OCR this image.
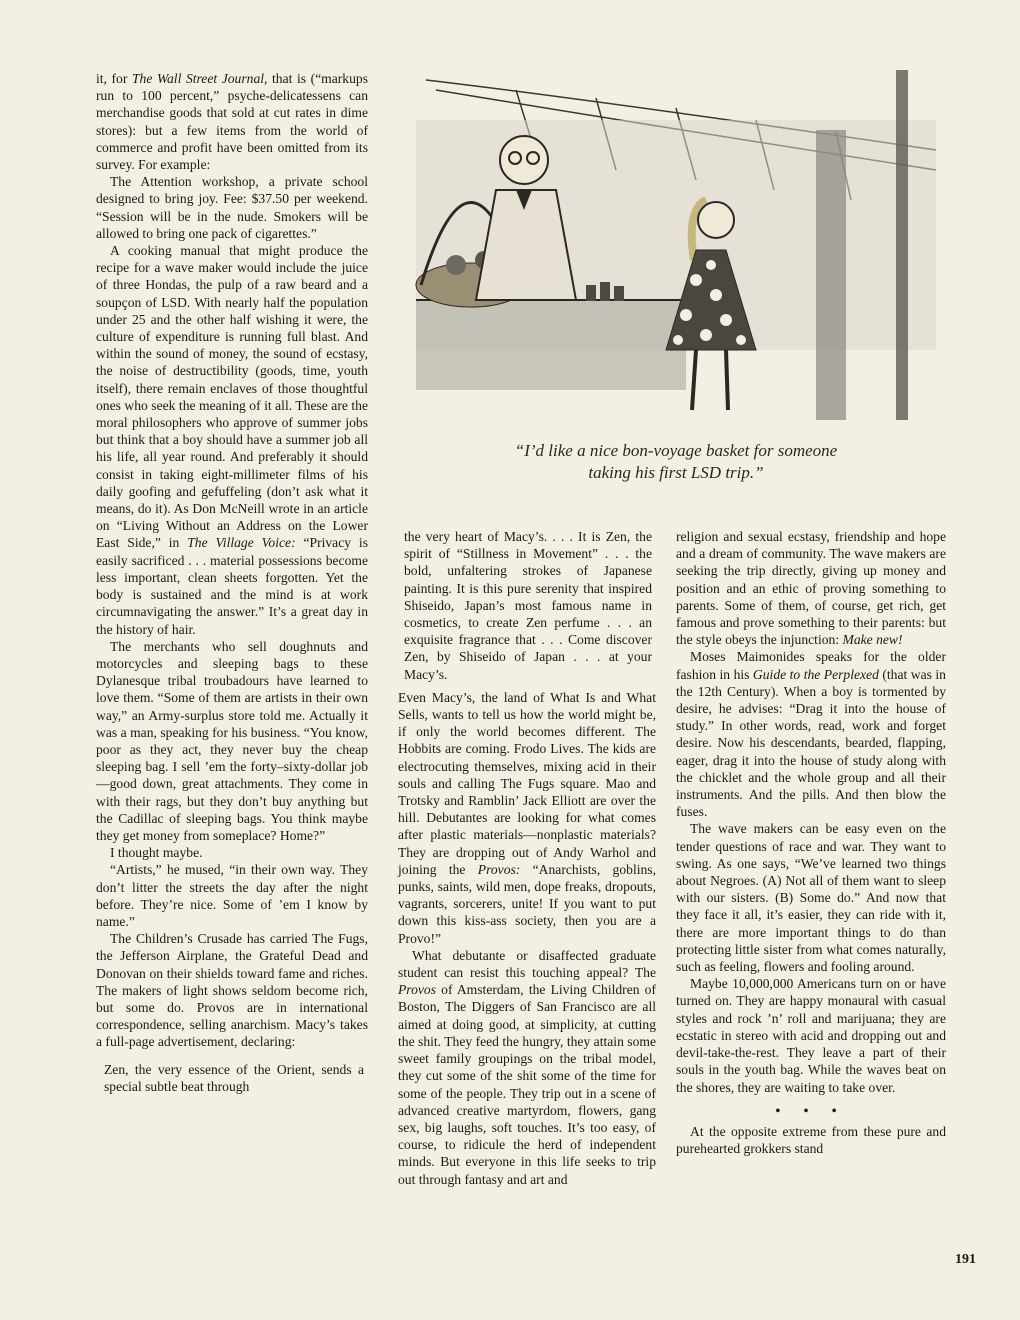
it, for The Wall Street Journal, that is (“markups run to 100 percent,” psyche-delicatessens can merchandise goods that sold at cut rates in dime stores): but a few items from the world of commerce and profit have been omitted from its survey. For example:

The Attention workshop, a private school designed to bring joy. Fee: $37.50 per weekend. “Session will be in the nude. Smokers will be allowed to bring one pack of cigarettes.”

A cooking manual that might produce the recipe for a wave maker would include the juice of three Hondas, the pulp of a raw beard and a soupçon of LSD. With nearly half the population under 25 and the other half wishing it were, the culture of expenditure is running full blast. And within the sound of money, the sound of ecstasy, the noise of destructibility (goods, time, youth itself), there remain enclaves of those thoughtful ones who seek the meaning of it all. These are the moral philosophers who approve of summer jobs but think that a boy should have a summer job all his life, all year round. And preferably it should consist in taking eight-millimeter films of his daily goofing and gefuffeling (don’t ask what it means, do it). As Don McNeill wrote in an article on “Living Without an Address on the Lower East Side,” in The Village Voice: “Privacy is easily sacrificed . . . material possessions become less important, clean sheets forgotten. Yet the body is sustained and the mind is at work circumnavigating the answer.” It’s a great day in the history of hair.

The merchants who sell doughnuts and motorcycles and sleeping bags to these Dylanesque tribal troubadours have learned to love them. “Some of them are artists in their own way,” an Army-surplus store told me. Actually it was a man, speaking for his business. “You know, poor as they act, they never buy the cheap sleeping bag. I sell ’em the forty–sixty-dollar job—good down, great attachments. They come in with their rags, but they don’t buy anything but the Cadillac of sleeping bags. You think maybe they get money from someplace? Home?”

I thought maybe.

“Artists,” he mused, “in their own way. They don’t litter the streets the day after the night before. They’re nice. Some of ’em I know by name.”

The Children’s Crusade has carried The Fugs, the Jefferson Airplane, the Grateful Dead and Donovan on their shields toward fame and riches. The makers of light shows seldom become rich, but some do. Provos are in international correspondence, selling anarchism. Macy’s takes a full-page advertisement, declaring:

Zen, the very essence of the Orient, sends a special subtle beat through

“I’d like a nice bon-voyage basket for someone
taking his first LSD trip.”

the very heart of Macy’s. . . . It is Zen, the spirit of “Stillness in Movement” . . . the bold, unfaltering strokes of Japanese painting. It is this pure serenity that inspired Shiseido, Japan’s most famous name in cosmetics, to create Zen perfume . . . an exquisite fragrance that . . . Come discover Zen, by Shiseido of Japan . . . at your Macy’s.

Even Macy’s, the land of What Is and What Sells, wants to tell us how the world might be, if only the world becomes different. The Hobbits are coming. Frodo Lives. The kids are electrocuting themselves, mixing acid in their souls and calling The Fugs square. Mao and Trotsky and Ramblin’ Jack Elliott are over the hill. Debutantes are looking for what comes after plastic materials—nonplastic materials? They are dropping out of Andy Warhol and joining the Provos: “Anarchists, goblins, punks, saints, wild men, dope freaks, dropouts, vagrants, sorcerers, unite! If you want to put down this kiss-ass society, then you are a Provo!”

What debutante or disaffected graduate student can resist this touching appeal? The Provos of Amsterdam, the Living Children of Boston, The Diggers of San Francisco are all aimed at doing good, at simplicity, at cutting the shit. They feed the hungry, they attain some sweet family groupings on the tribal model, they cut some of the shit some of the time for some of the people. They trip out in a scene of advanced creative martyrdom, flowers, gang sex, big laughs, soft touches. It’s too easy, of course, to ridicule the herd of independent minds. But everyone in this life seeks to trip out through fantasy and art and

religion and sexual ecstasy, friendship and hope and a dream of community. The wave makers are seeking the trip directly, giving up money and position and an ethic of proving something to parents. Some of them, of course, get rich, get famous and prove something to their parents: but the style obeys the injunction: Make new!

Moses Maimonides speaks for the older fashion in his Guide to the Perplexed (that was in the 12th Century). When a boy is tormented by desire, he advises: “Drag it into the house of study.” In other words, read, work and forget desire. Now his descendants, bearded, flapping, eager, drag it into the house of study along with the chicklet and the whole group and all their instruments. And the pills. And then blow the fuses.

The wave makers can be easy even on the tender questions of race and war. They want to swing. As one says, “We’ve learned two things about Negroes. (A) Not all of them want to sleep with our sisters. (B) Some do.” And now that they face it all, it’s easier, they can ride with it, there are more important things to do than protecting little sister from what comes naturally, such as feeling, flowers and fooling around.

Maybe 10,000,000 Americans turn on or have turned on. They are happy monaural with casual styles and rock ’n’ roll and marijuana; they are ecstatic in stereo with acid and dropping out and devil-take-the-rest. They leave a part of their souls in the youth bag. While the waves beat on the shores, they are waiting to take over.

• • •

At the opposite extreme from these pure and purehearted grokkers stand

191
